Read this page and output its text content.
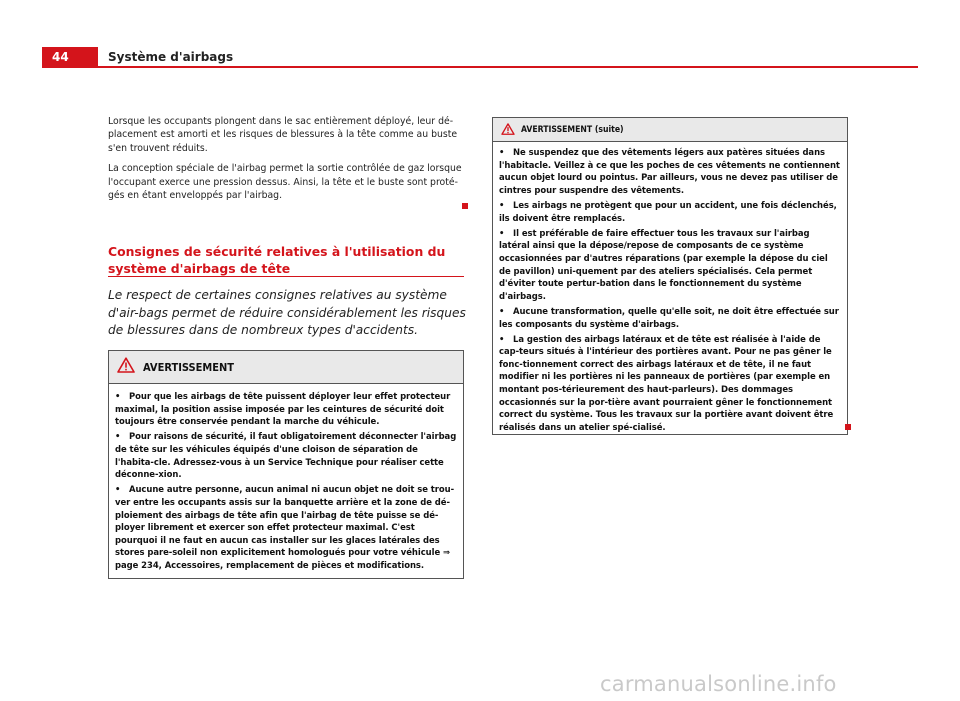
44	Système d'airbags

Lorsque les occupants plongent dans le sac entièrement déployé, leur dé-placement est amorti et les risques de blessures à la tête comme au buste s'en trouvent réduits.

La conception spéciale de l'airbag permet la sortie contrôlée de gaz lorsque l'occupant exerce une pression dessus. Ainsi, la tête et le buste sont proté-gés en étant enveloppés par l'airbag.

Consignes de sécurité relatives à l'utilisation du système d'airbags de tête
Le respect de certaines consignes relatives au système d'air-bags permet de réduire considérablement les risques de blessures dans de nombreux types d'accidents.
AVERTISSEMENT

• Pour que les airbags de tête puissent déployer leur effet protecteur maximal, la position assise imposée par les ceintures de sécurité doit toujours être conservée pendant la marche du véhicule.

• Pour raisons de sécurité, il faut obligatoirement déconnecter l'airbag de tête sur les véhicules équipés d'une cloison de séparation de l'habita-cle. Adressez-vous à un Service Technique pour réaliser cette déconne-xion.

• Aucune autre personne, aucun animal ni aucun objet ne doit se trou-ver entre les occupants assis sur la banquette arrière et la zone de dé-ploiement des airbags de tête afin que l'airbag de tête puisse se dé-ployer librement et exercer son effet protecteur maximal. C'est pourquoi il ne faut en aucun cas installer sur les glaces latérales des stores pare-soleil non explicitement homologués pour votre véhicule ⇒ page 234, Accessoires, remplacement de pièces et modifications.

AVERTISSEMENT (suite)

• Ne suspendez que des vêtements légers aux patères situées dans l'habitacle. Veillez à ce que les poches de ces vêtements ne contiennent aucun objet lourd ou pointus. Par ailleurs, vous ne devez pas utiliser de cintres pour suspendre des vêtements.

• Les airbags ne protègent que pour un accident, une fois déclenchés, ils doivent être remplacés.

• Il est préférable de faire effectuer tous les travaux sur l'airbag latéral ainsi que la dépose/repose de composants de ce système occasionnées par d'autres réparations (par exemple la dépose du ciel de pavillon) uni-quement par des ateliers spécialisés. Cela permet d'éviter toute pertur-bation dans le fonctionnement du système d'airbags.

• Aucune transformation, quelle qu'elle soit, ne doit être effectuée sur les composants du système d'airbags.

• La gestion des airbags latéraux et de tête est réalisée à l'aide de cap-teurs situés à l'intérieur des portières avant. Pour ne pas gêner le fonc-tionnement correct des airbags latéraux et de tête, il ne faut modifier ni les portières ni les panneaux de portières (par exemple en montant pos-térieurement des haut-parleurs). Des dommages occasionnés sur la por-tière avant pourraient gêner le fonctionnement correct du système. Tous les travaux sur la portière avant doivent être réalisés dans un atelier spé-cialisé.

carmanualsonline.info
